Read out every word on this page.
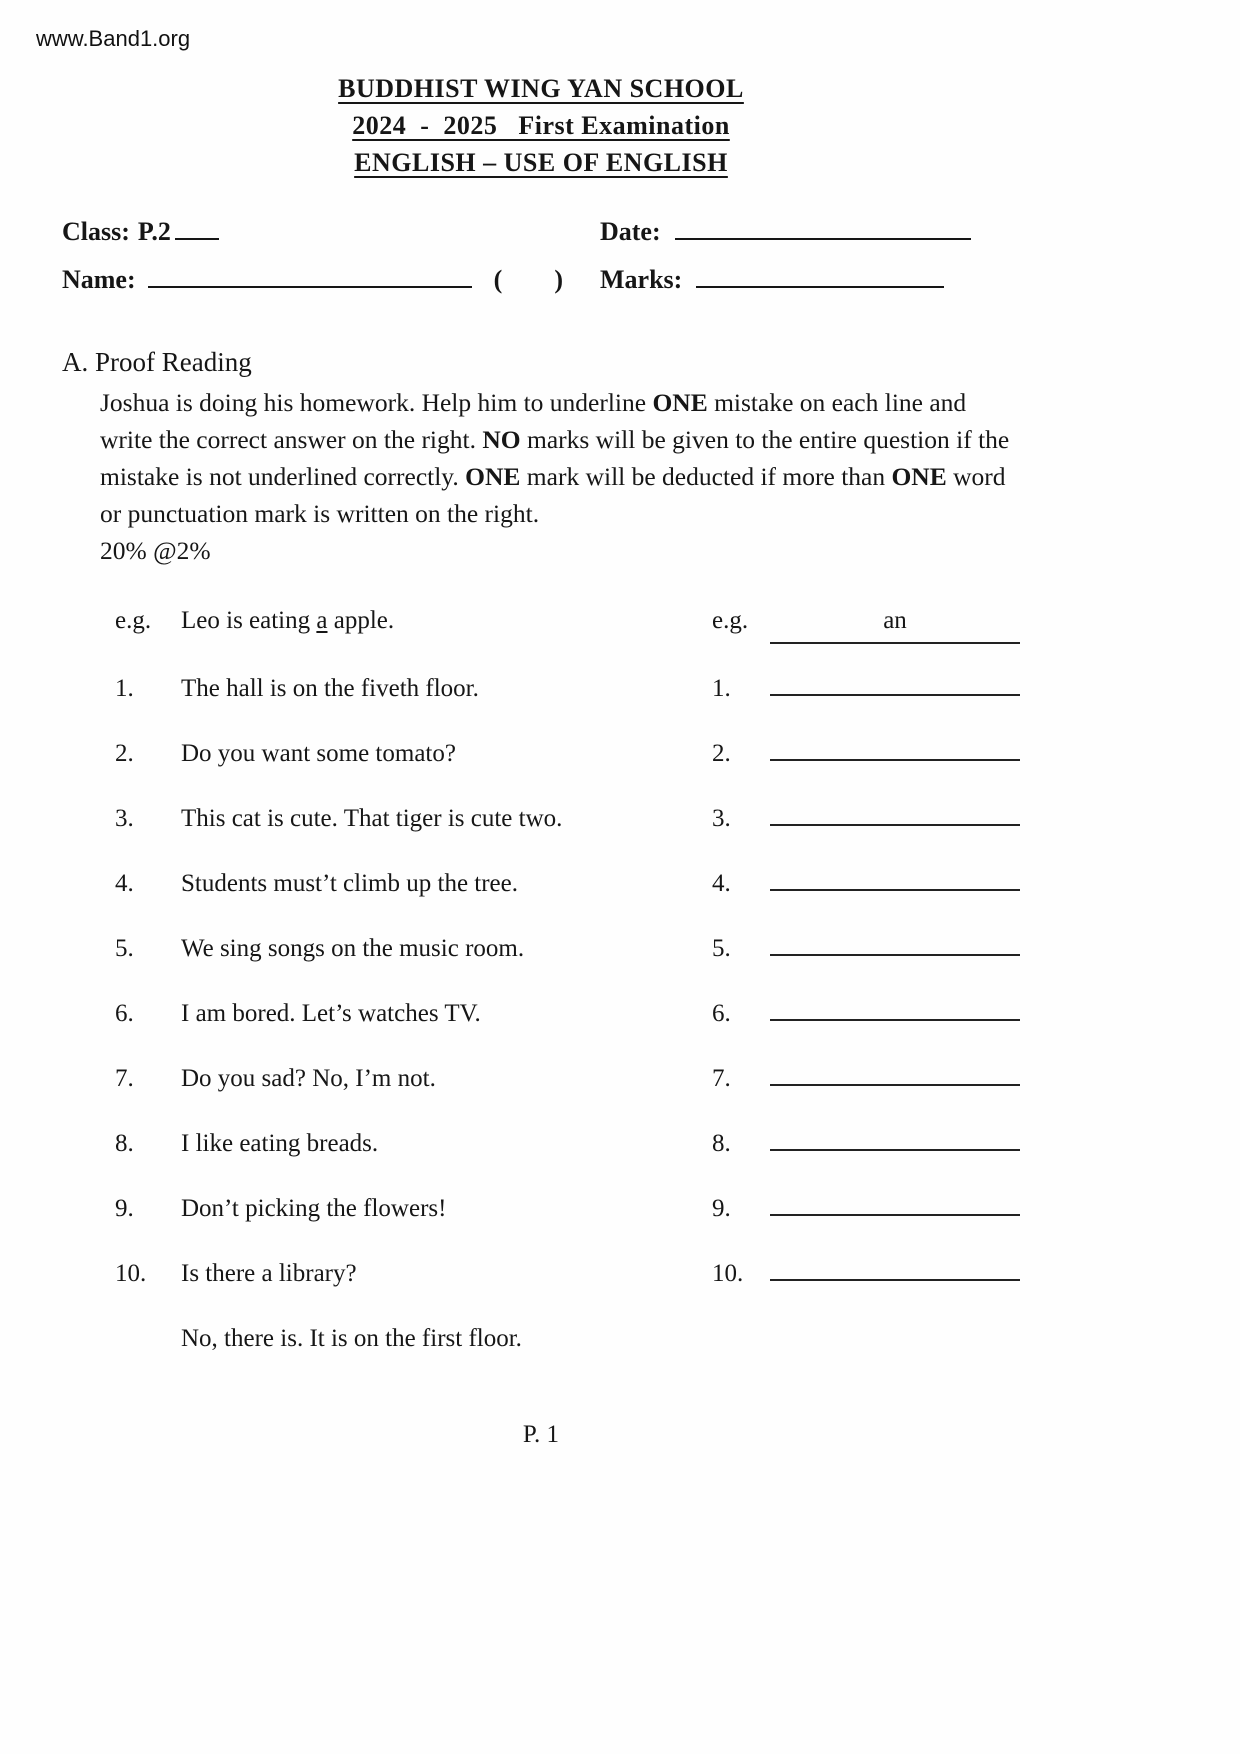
www.Band1.org
BUDDHIST WING YAN SCHOOL
2024  -  2025   First Examination
ENGLISH – USE OF ENGLISH
Class: P.2	Date:
Name:	( ) Marks:
A. Proof Reading

Joshua is doing his homework. Help him to underline ONE mistake on each line and write the correct answer on the right. NO marks will be given to the entire question if the mistake is not underlined correctly. ONE mark will be deducted if more than ONE word or punctuation mark is written on the right.

20% @2%
e.g.	Leo is eating a apple.	e.g.	an
1.	The hall is on the fiveth floor.	1.
2.	Do you want some tomato?	2.
3.	This cat is cute. That tiger is cute two.	3.
4.	Students must’t climb up the tree.	4.
5.	We sing songs on the music room.	5.
6.	I am bored. Let’s watches TV.	6.
7.	Do you sad? No, I’m not.	7.
8.	I like eating breads.	8.
9.	Don’t picking the flowers!	9.
10.	Is there a library?	10.
No, there is. It is on the first floor.
P. 1
